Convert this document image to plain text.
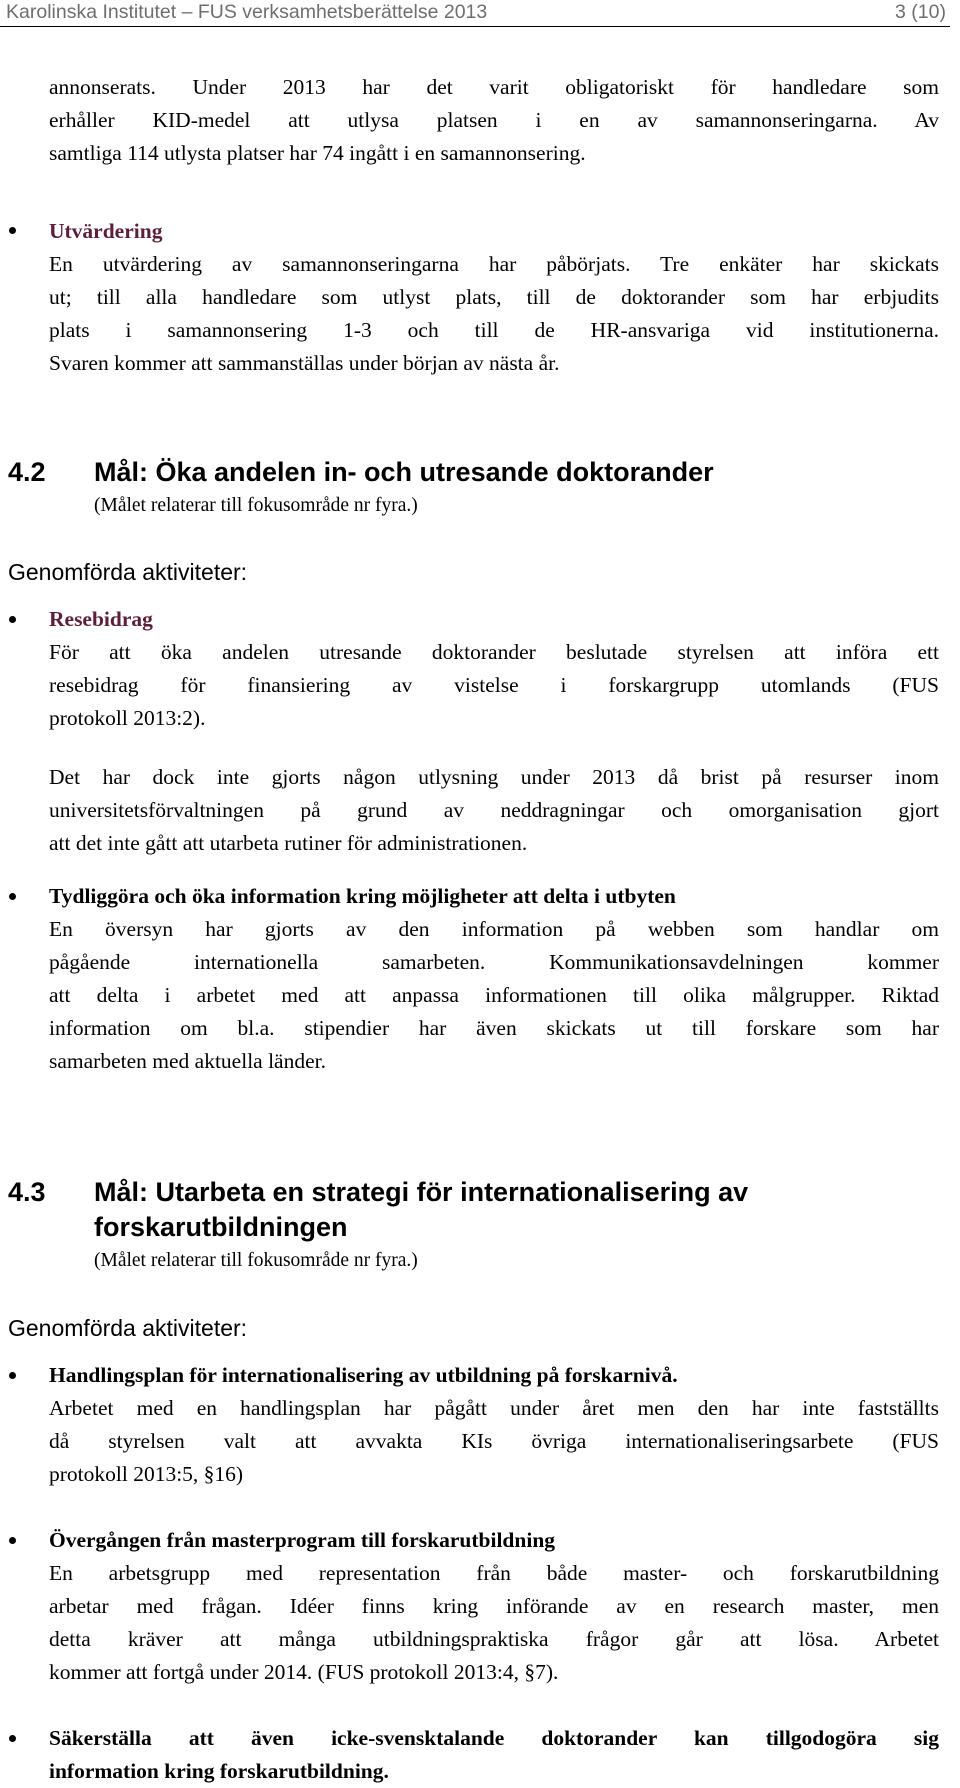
Karolinska Institutet – FUS verksamhetsberättelse 2013	3 (10)
annonserats. Under 2013 har det varit obligatoriskt för handledare som
erhåller KID-medel att utlysa platsen i en av samannonseringarna. Av
samtliga 114 utlysta platser har 74 ingått i en samannonsering.
Utvärdering
En utvärdering av samannonseringarna har påbörjats. Tre enkäter har skickats
ut; till alla handledare som utlyst plats, till de doktorander som har erbjudits
plats i samannonsering 1-3 och till de HR-ansvariga vid institutionerna.
Svaren kommer att sammanställas under början av nästa år.
4.2 Mål: Öka andelen in- och utresande doktorander
(Målet relaterar till fokusområde nr fyra.)
Genomförda aktiviteter:
Resebidrag
För att öka andelen utresande doktorander beslutade styrelsen att införa ett
resebidrag för finansiering av vistelse i forskargrupp utomlands (FUS
protokoll 2013:2).
Det har dock inte gjorts någon utlysning under 2013 då brist på resurser inom
universitetsförvaltningen på grund av neddragningar och omorganisation gjort
att det inte gått att utarbeta rutiner för administrationen.
Tydliggöra och öka information kring möjligheter att delta i utbyten
En översyn har gjorts av den information på webben som handlar om
pågående internationella samarbeten. Kommunikationsavdelningen kommer
att delta i arbetet med att anpassa informationen till olika målgrupper. Riktad
information om bl.a. stipendier har även skickats ut till forskare som har
samarbeten med aktuella länder.
4.3 Mål: Utarbeta en strategi för internationalisering av
forskarutbildningen
(Målet relaterar till fokusområde nr fyra.)
Genomförda aktiviteter:
Handlingsplan för internationalisering av utbildning på forskarnivå.
Arbetet med en handlingsplan har pågått under året men den har inte fastställts
då styrelsen valt att avvakta KIs övriga internationaliseringsarbete (FUS
protokoll 2013:5, §16)
Övergången från masterprogram till forskarutbildning
En arbetsgrupp med representation från både master- och forskarutbildning
arbetar med frågan. Idéer finns kring införande av en research master, men
detta kräver att många utbildningspraktiska frågor går att lösa. Arbetet
kommer att fortgå under 2014. (FUS protokoll 2013:4, §7).
Säkerställa att även icke-svensktalande doktorander kan tillgodogöra sig
information kring forskarutbildning.
